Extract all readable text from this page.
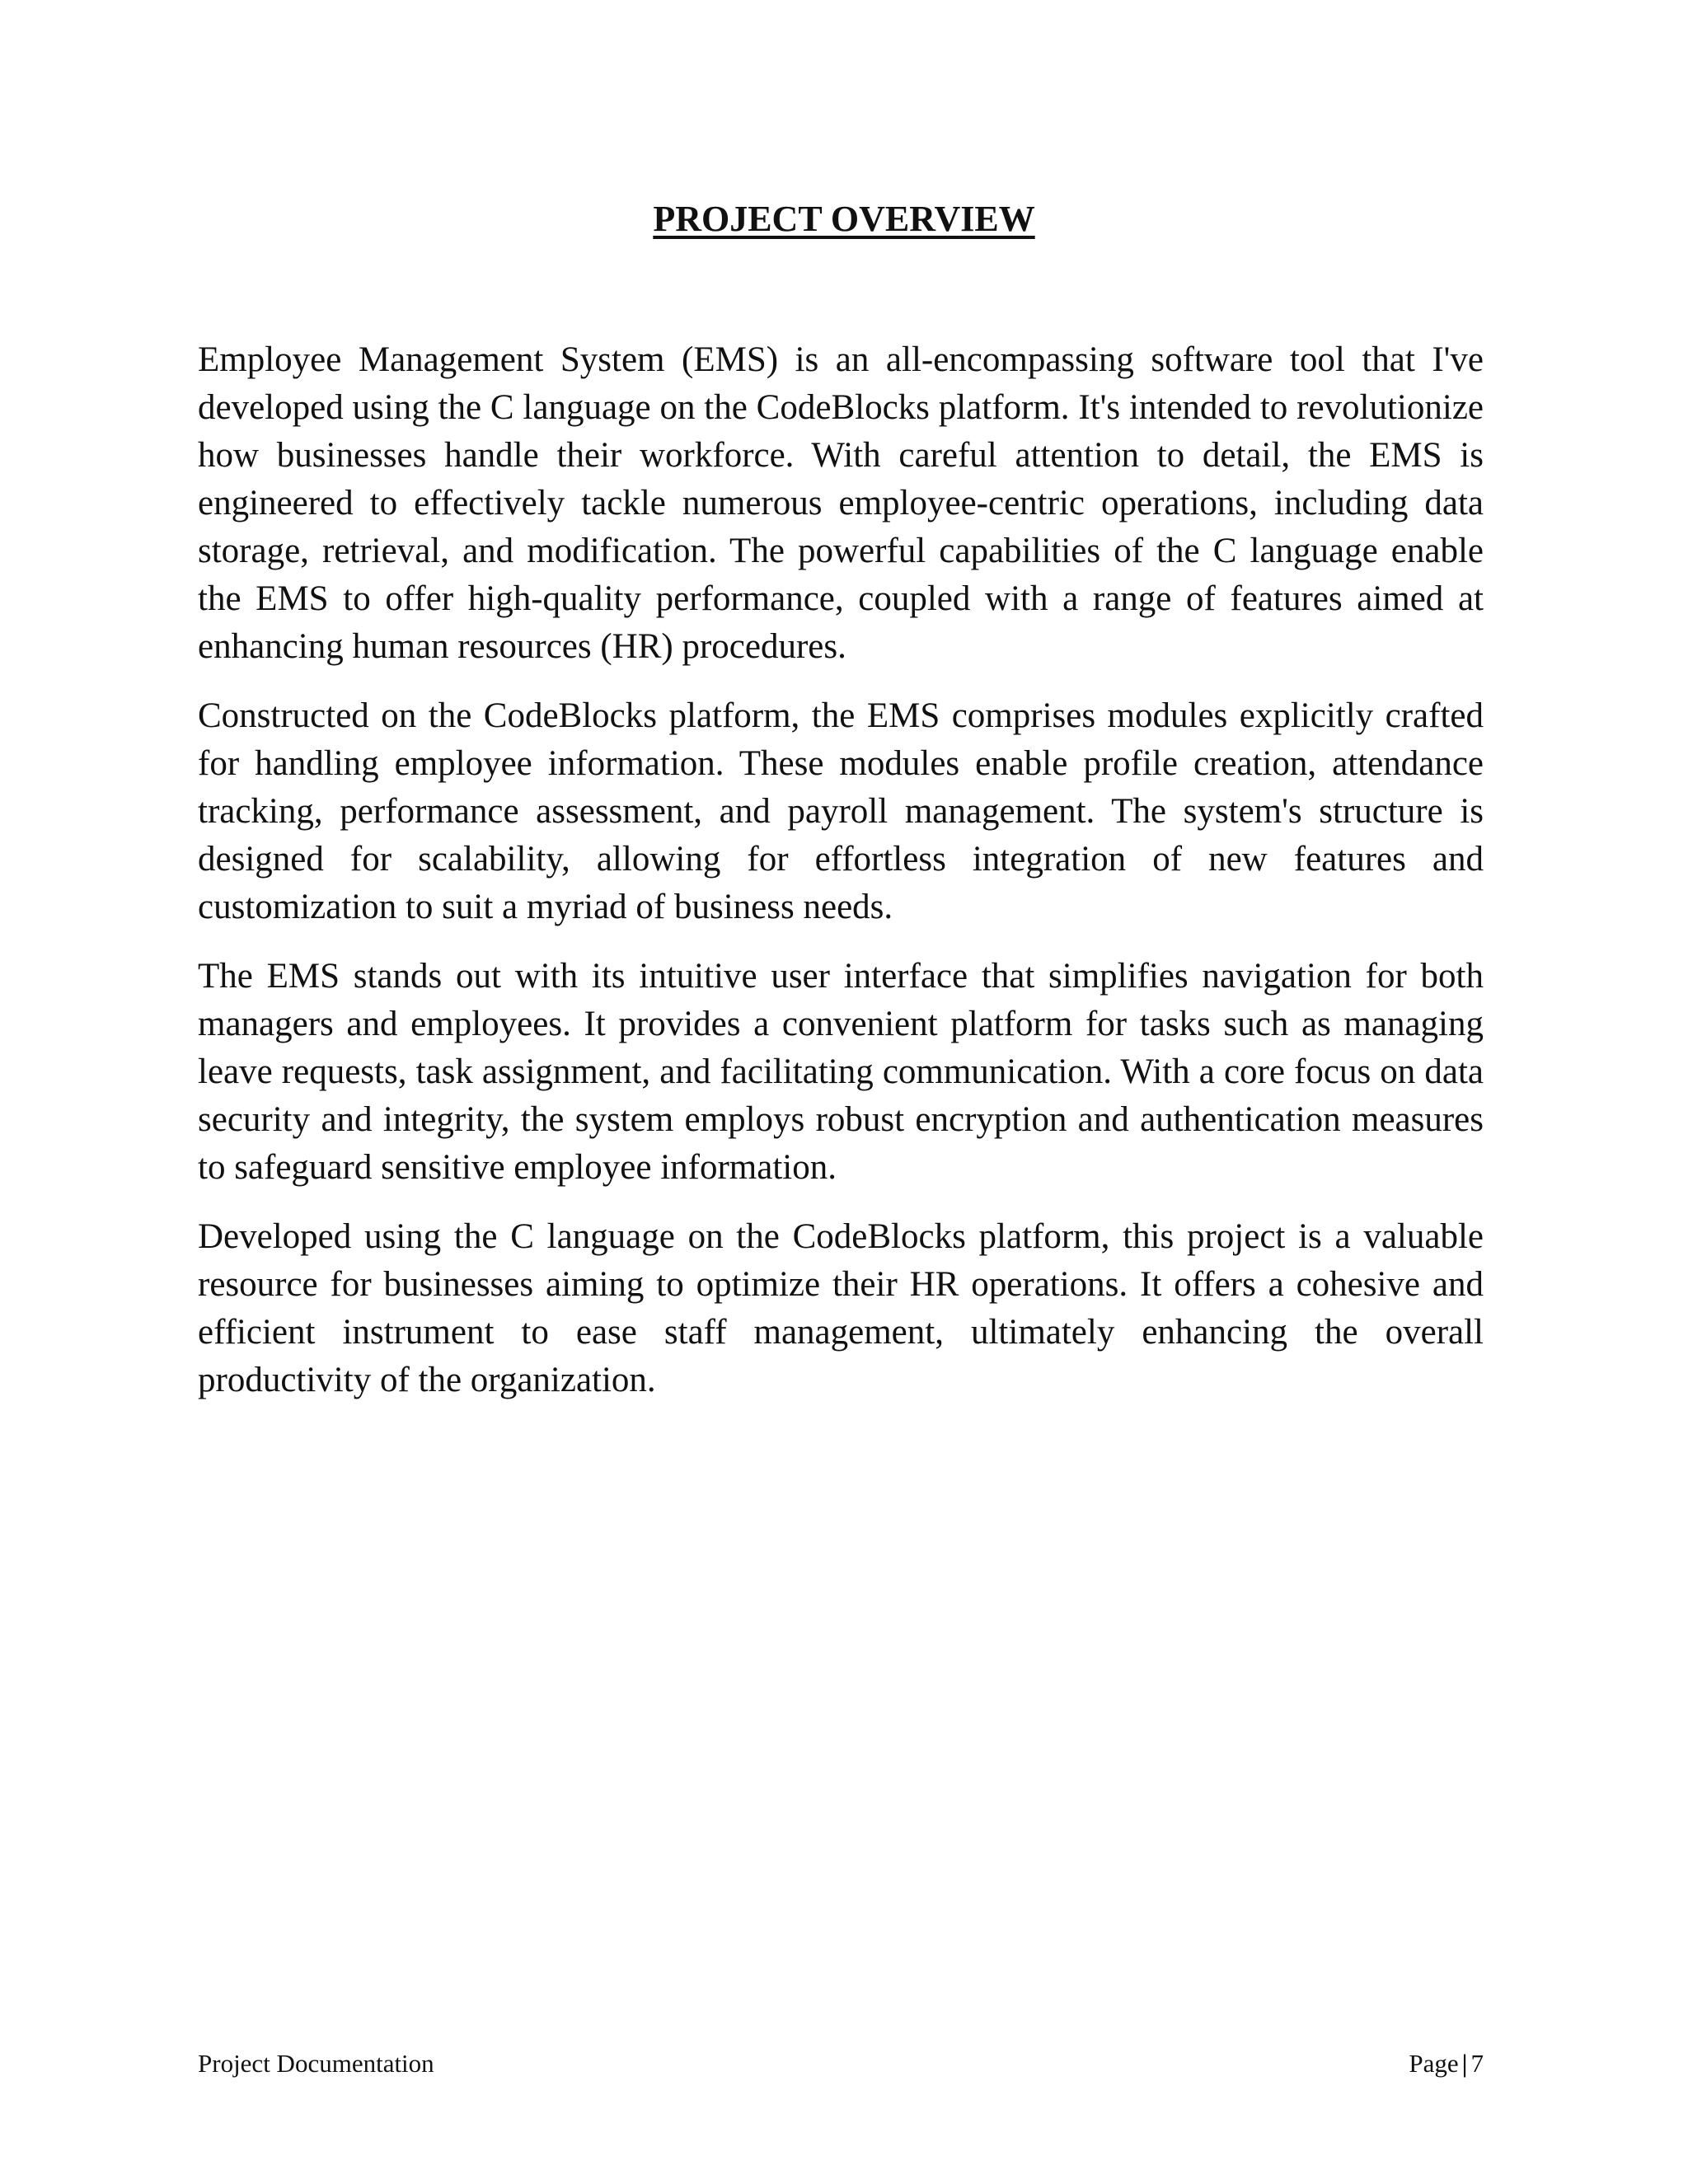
PROJECT OVERVIEW

Employee Management System (EMS) is an all-encompassing software tool that I've developed using the C language on the CodeBlocks platform. It's intended to revolutionize how businesses handle their workforce. With careful attention to detail, the EMS is engineered to effectively tackle numerous employee-centric operations, including data storage, retrieval, and modification. The powerful capabilities of the C language enable the EMS to offer high-quality performance, coupled with a range of features aimed at enhancing human resources (HR) procedures.

Constructed on the CodeBlocks platform, the EMS comprises modules explicitly crafted for handling employee information. These modules enable profile creation, attendance tracking, performance assessment, and payroll management. The system's structure is designed for scalability, allowing for effortless integration of new features and customization to suit a myriad of business needs.

The EMS stands out with its intuitive user interface that simplifies navigation for both managers and employees. It provides a convenient platform for tasks such as managing leave requests, task assignment, and facilitating communication. With a core focus on data security and integrity, the system employs robust encryption and authentication measures to safeguard sensitive employee information.

Developed using the C language on the CodeBlocks platform, this project is a valuable resource for businesses aiming to optimize their HR operations. It offers a cohesive and efficient instrument to ease staff management, ultimately enhancing the overall productivity of the organization.

Project Documentation	Page | 7
